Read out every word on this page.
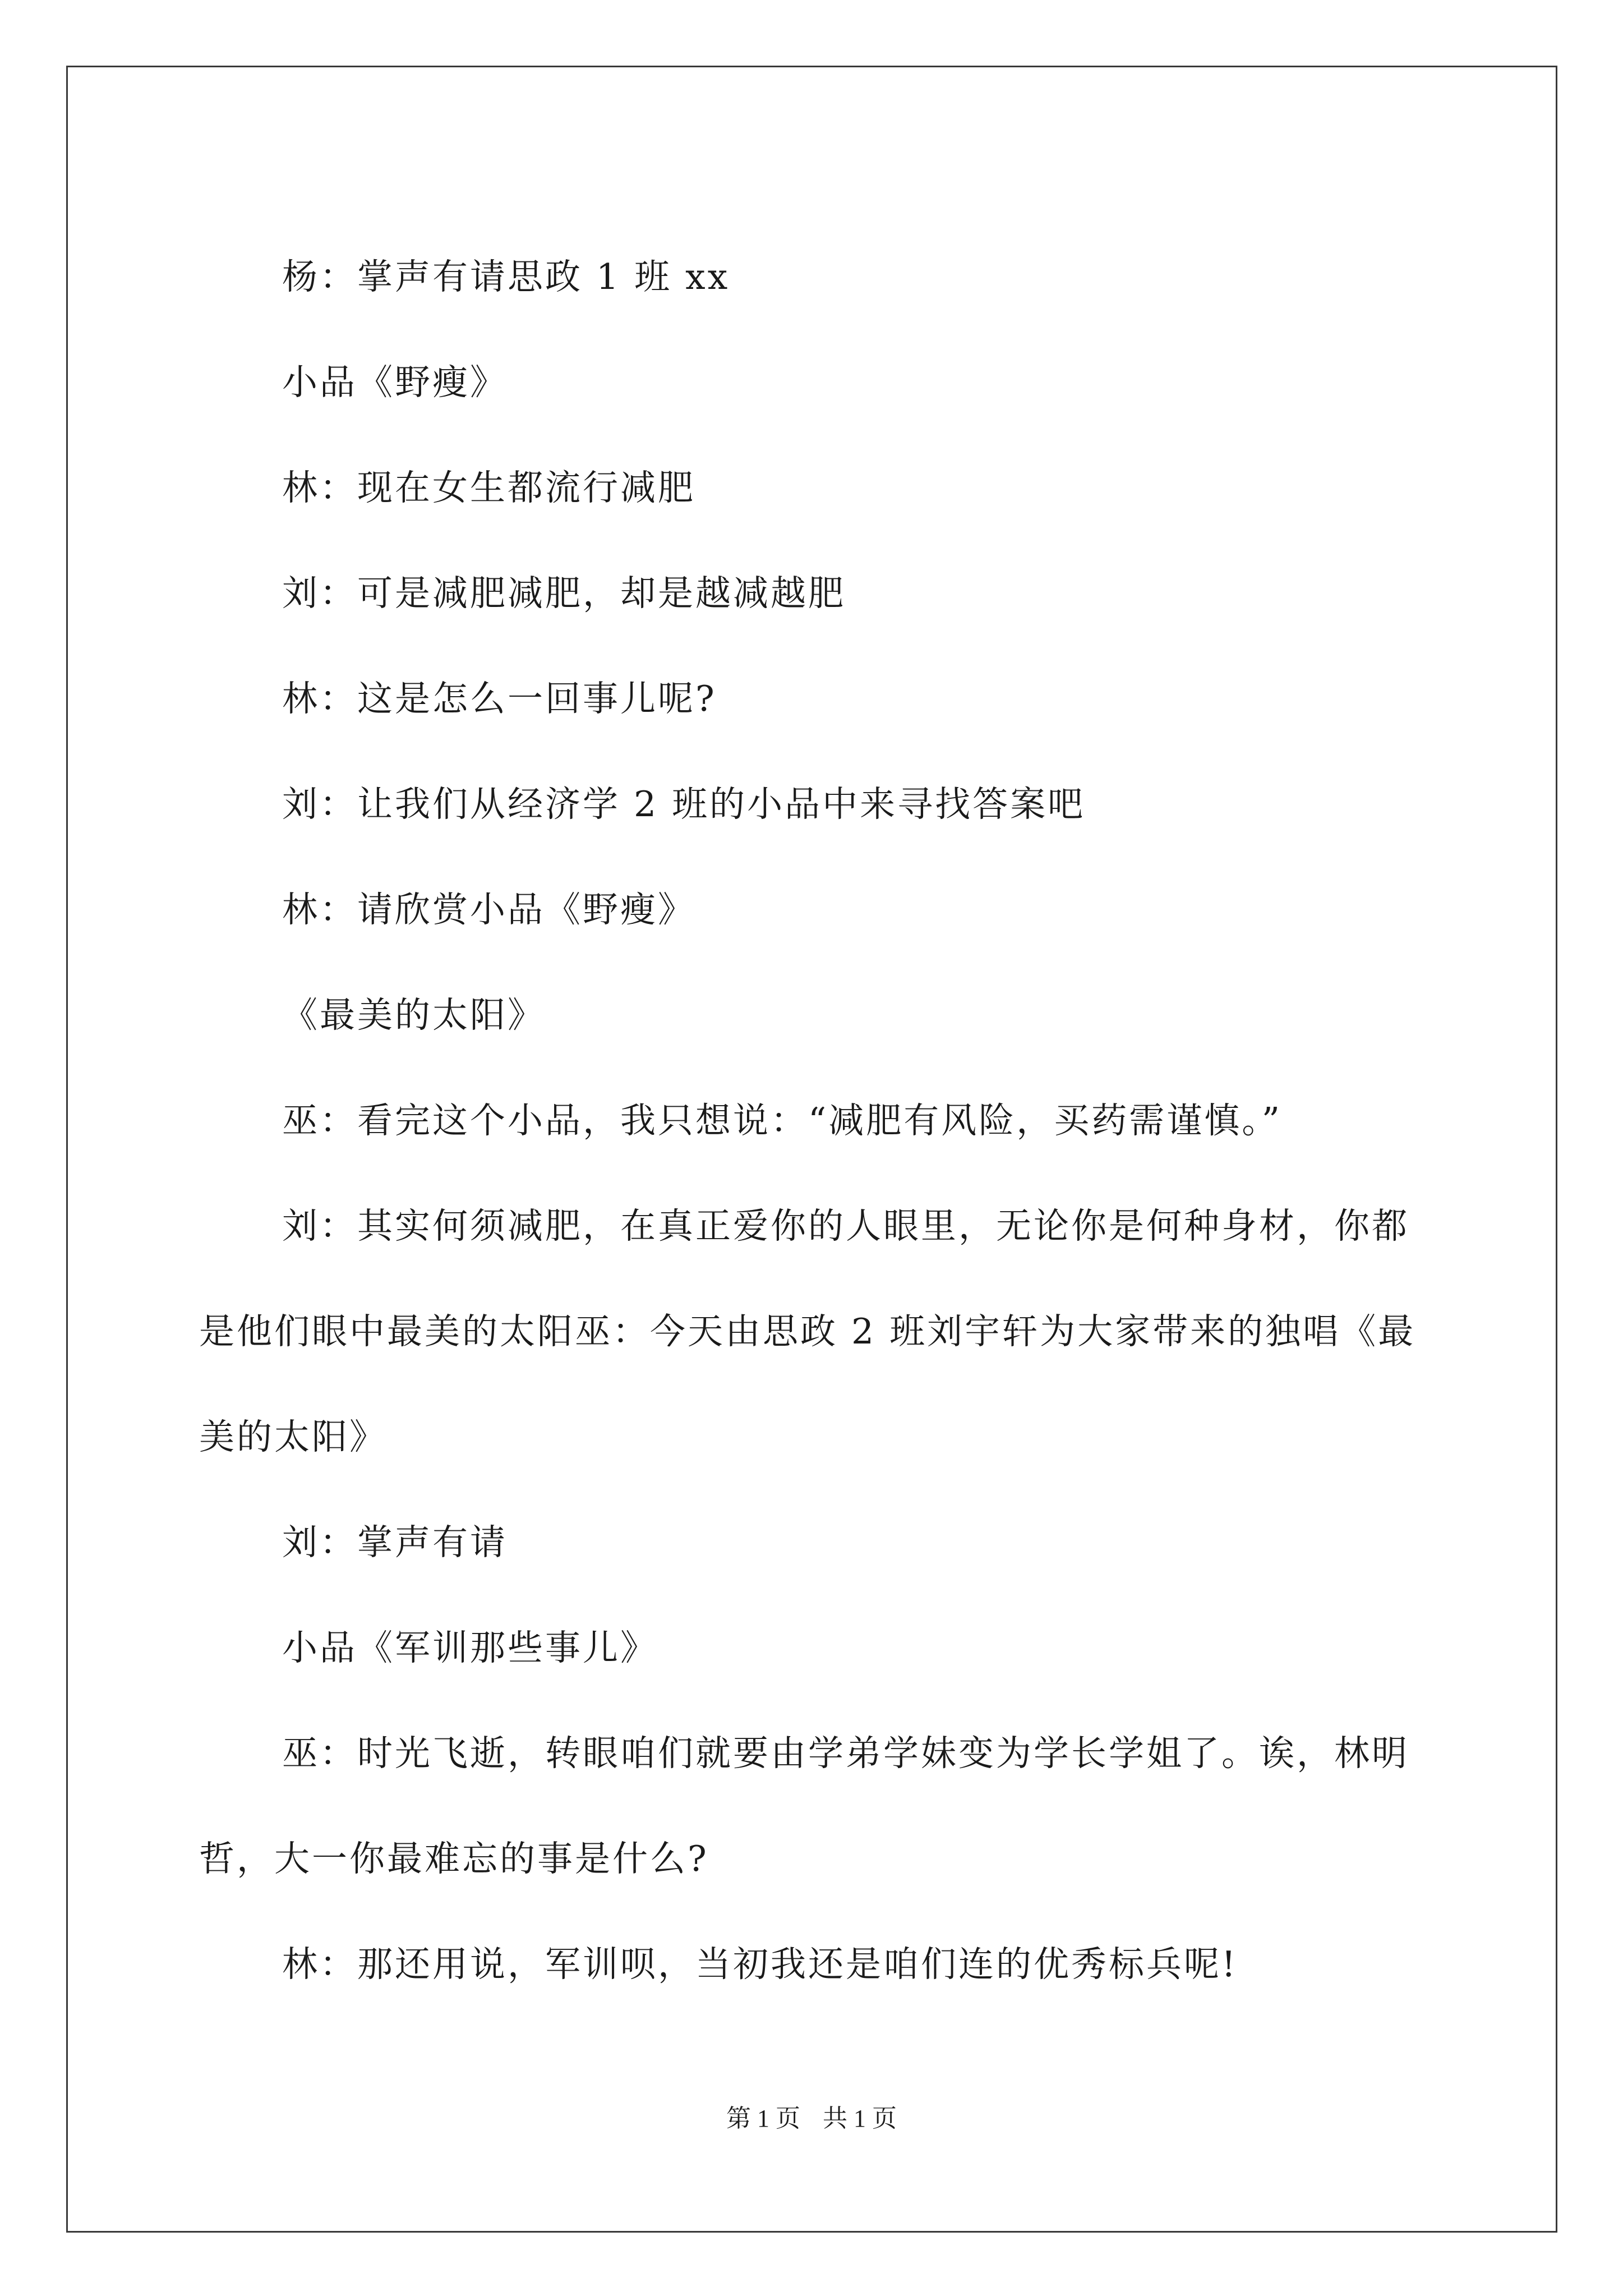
杨：掌声有请思政 1 班 xx

小品《野瘦》

林：现在女生都流行减肥

刘：可是减肥减肥，却是越减越肥

林：这是怎么一回事儿呢?

刘：让我们从经济学 2 班的小品中来寻找答案吧

林：请欣赏小品《野瘦》

《最美的太阳》

巫：看完这个小品，我只想说：“减肥有风险，买药需谨慎。”

刘：其实何须减肥，在真正爱你的人眼里，无论你是何种身材，你都是他们眼中最美的太阳巫：今天由思政 2 班刘宇轩为大家带来的独唱《最美的太阳》

刘：掌声有请

小品《军训那些事儿》

巫：时光飞逝，转眼咱们就要由学弟学妹变为学长学姐了。诶，林明哲，大一你最难忘的事是什么?

林：那还用说，军训呗，当初我还是咱们连的优秀标兵呢!

第 1 页 共 1 页
